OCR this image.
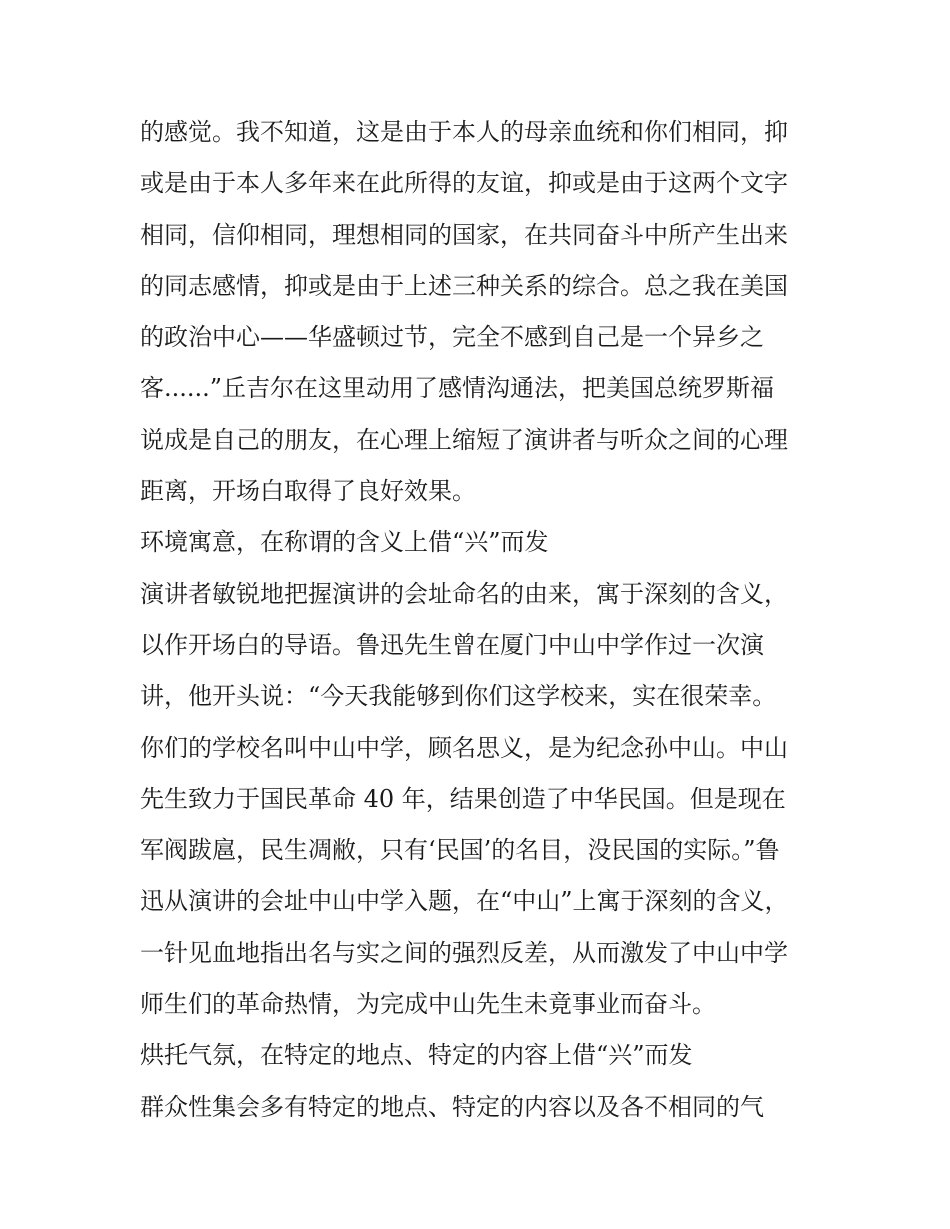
的感觉。我不知道，这是由于本人的母亲血统和你们相同，抑
或是由于本人多年来在此所得的友谊，抑或是由于这两个文字
相同，信仰相同，理想相同的国家，在共同奋斗中所产生出来
的同志感情，抑或是由于上述三种关系的综合。总之我在美国
的政治中心——华盛顿过节，完全不感到自己是一个异乡之
客......”丘吉尔在这里动用了感情沟通法，把美国总统罗斯福
说成是自己的朋友，在心理上缩短了演讲者与听众之间的心理
距离，开场白取得了良好效果。
环境寓意，在称谓的含义上借“兴”而发
演讲者敏锐地把握演讲的会址命名的由来，寓于深刻的含义，
以作开场白的导语。鲁迅先生曾在厦门中山中学作过一次演
讲，他开头说：“今天我能够到你们这学校来，实在很荣幸。
你们的学校名叫中山中学，顾名思义，是为纪念孙中山。中山
先生致力于国民革命 40 年，结果创造了中华民国。但是现在
军阀跋扈，民生凋敝，只有‘民国’的名目，没民国的实际。”鲁
迅从演讲的会址中山中学入题，在“中山”上寓于深刻的含义，
一针见血地指出名与实之间的强烈反差，从而激发了中山中学
师生们的革命热情，为完成中山先生未竟事业而奋斗。
烘托气氛，在特定的地点、特定的内容上借“兴”而发
群众性集会多有特定的地点、特定的内容以及各不相同的气
